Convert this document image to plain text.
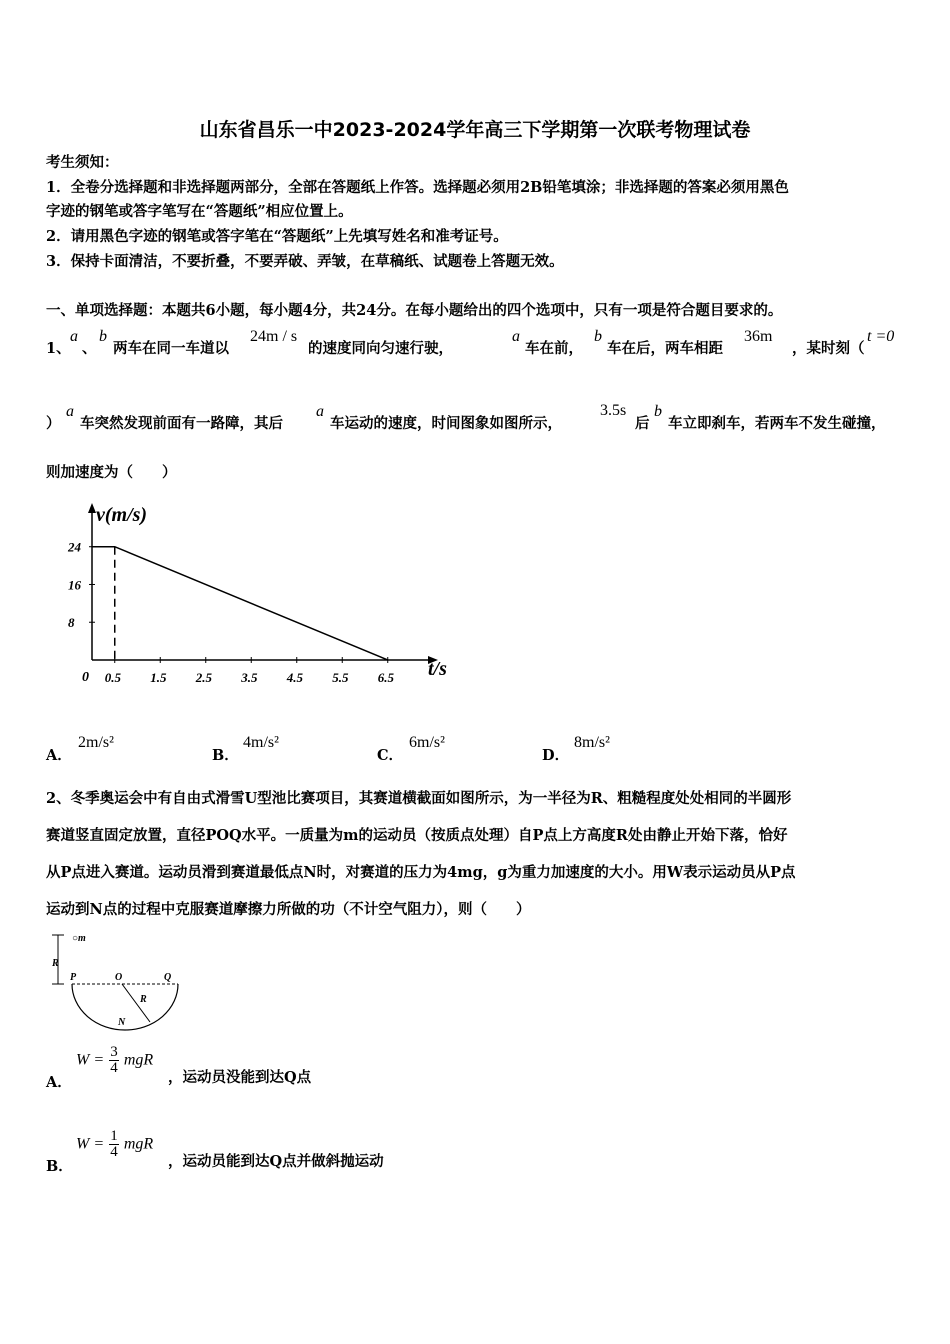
山东省昌乐一中2023-2024学年高三下学期第一次联考物理试卷
考生须知：
1．全卷分选择题和非选择题两部分，全部在答题纸上作答。选择题必须用2B铅笔填涂；非选择题的答案必须用黑色
字迹的钢笔或答字笔写在“答题纸”相应位置上。
2．请用黑色字迹的钢笔或答字笔在“答题纸”上先填写姓名和准考证号。
3．保持卡面清洁，不要折叠，不要弄破、弄皱，在草稿纸、试题卷上答题无效。
一、单项选择题：本题共6小题，每小题4分，共24分。在每小题给出的四个选项中，只有一项是符合题目要求的。
1、
a
、
b
两车在同一车道以
24m / s
的速度同向匀速行驶，
a
车在前，
b
车在后，两车相距
36m
，某时刻（
t =0
）
a
车突然发现前面有一路障，其后
a
车运动的速度，时间图象如图所示，
3.5s
后
b
车立即刹车，若两车不发生碰撞，
则加速度为（　　）
24
16
8
0.5 1.5 2.5 3.5 4.5 5.5 6.5
v(m/s)
t/s
0
A．
2m/s²
B．
4m/s²
C．
6m/s²
D．
8m/s²
2、冬季奥运会中有自由式滑雪U型池比赛项目，其赛道横截面如图所示，为一半径为R、粗糙程度处处相同的半圆形
赛道竖直固定放置，直径POQ水平。一质量为m的运动员（按质点处理）自P点上方高度R处由静止开始下落，恰好
从P点进入赛道。运动员滑到赛道最低点N时，对赛道的压力为4mg，g为重力加速度的大小。用W表示运动员从P点
运动到N点的过程中克服赛道摩擦力所做的功（不计空气阻力），则（　　）
○m
R
P	O	Q
R
N
A．
$W = \frac{3}{4}$ mgR
，运动员没能到达Q点
B．
$W = \frac{1}{4}$ mgR
，运动员能到达Q点并做斜抛运动
